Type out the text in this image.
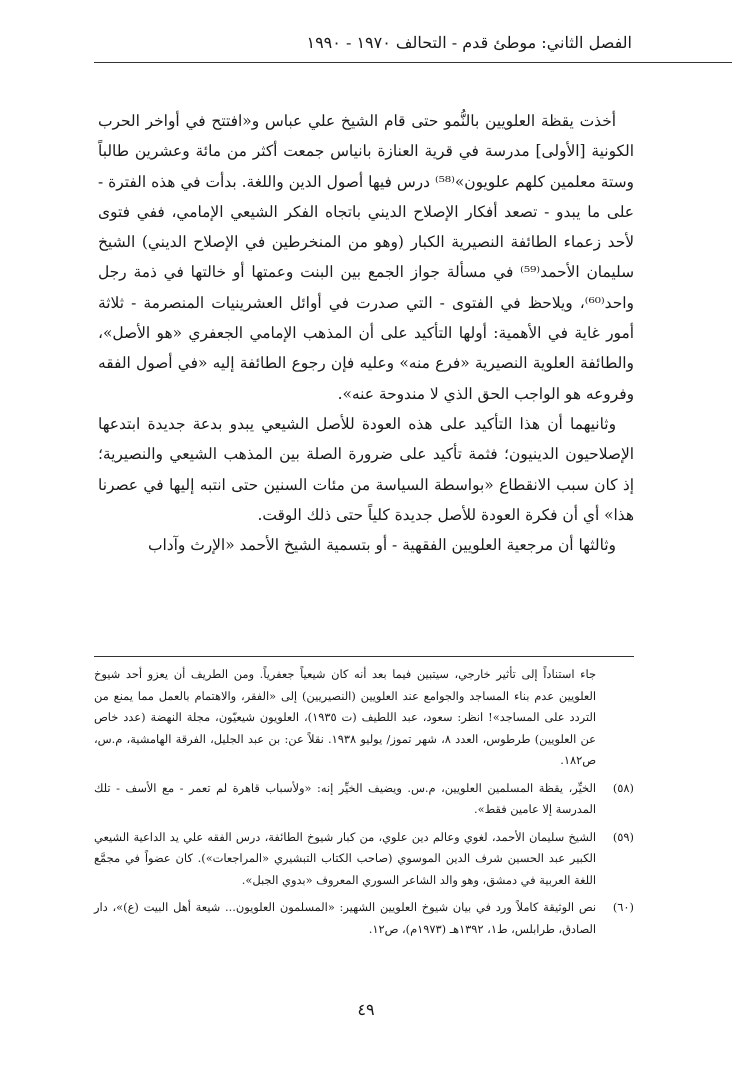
الفصل الثاني: موطئ قدم - التحالف ١٩٧٠ - ١٩٩٠

أخذت يقظة العلويين بالنُّمو حتى قام الشيخ علي عباس و«افتتح في أواخر الحرب الكونية [الأولى] مدرسة في قرية العنازة بانياس جمعت أكثر من مائة وعشرين طالباً وستة معلمين كلهم علويون»⁽⁵⁸⁾ درس فيها أصول الدين واللغة. بدأت في هذه الفترة - على ما يبدو - تصعد أفكار الإصلاح الديني باتجاه الفكر الشيعي الإمامي، ففي فتوى لأحد زعماء الطائفة النصيرية الكبار (وهو من المنخرطين في الإصلاح الديني) الشيخ سليمان الأحمد⁽⁵⁹⁾ في مسألة جواز الجمع بين البنت وعمتها أو خالتها في ذمة رجل واحد⁽⁶⁰⁾، ويلاحظ في الفتوى - التي صدرت في أوائل العشرينيات المنصرمة - ثلاثة أمور غاية في الأهمية: أولها التأكيد على أن المذهب الإمامي الجعفري «هو الأصل»، والطائفة العلوية النصيرية «فرع منه» وعليه فإن رجوع الطائفة إليه «في أصول الفقه وفروعه هو الواجب الحق الذي لا مندوحة عنه».

وثانيهما أن هذا التأكيد على هذه العودة للأصل الشيعي يبدو بدعة جديدة ابتدعها الإصلاحيون الدينيون؛ فثمة تأكيد على ضرورة الصلة بين المذهب الشيعي والنصيرية؛ إذ كان سبب الانقطاع «بواسطة السياسة من مئات السنين حتى انتبه إليها في عصرنا هذا» أي أن فكرة العودة للأصل جديدة كلياً حتى ذلك الوقت.

وثالثها أن مرجعية العلويين الفقهية - أو بتسمية الشيخ الأحمد «الإرث وآداب

جاء استناداً إلى تأثير خارجي، سيتبين فيما بعد أنه كان شيعياً جعفرياً. ومن الطريف أن يعزو أحد شيوخ العلويين عدم بناء المساجد والجوامع عند العلويين (النصيريين) إلى «الفقر، والاهتمام بالعمل مما يمنع من التردد على المساجد»! انظر: سعود، عبد اللطيف (ت ١٩٣٥)، العلويون شيعيّون، مجلة النهضة (عدد خاص عن العلويين) طرطوس، العدد ٨، شهر تموز/ يوليو ١٩٣٨. نقلاً عن: بن عبد الجليل، الفرقة الهامشية، م.س، ص١٨٢.
(٥٨)
الخيِّر، يقظة المسلمين العلويين، م.س. ويضيف الخيِّر إنه: «ولأسباب قاهرة لم تعمر - مع الأسف - تلك المدرسة إلا عامين فقط».
(٥٩)
الشيخ سليمان الأحمد، لغوي وعالم دين علوي، من كبار شيوخ الطائفة، درس الفقه علي يد الداعية الشيعي الكبير عبد الحسين شرف الدين الموسوي (صاحب الكتاب التبشيري «المراجعات»). كان عضواً في مجمَّع اللغة العربية في دمشق، وهو والد الشاعر السوري المعروف «بدوي الجبل».
(٦٠)
نص الوثيقة كاملاً ورد في بيان شيوخ العلويين الشهير: «المسلمون العلويون... شيعة أهل البيت (ع)»، دار الصادق، طرابلس، ط١، ١٣٩٢هـ (١٩٧٣م)، ص١٢.
٤٩
